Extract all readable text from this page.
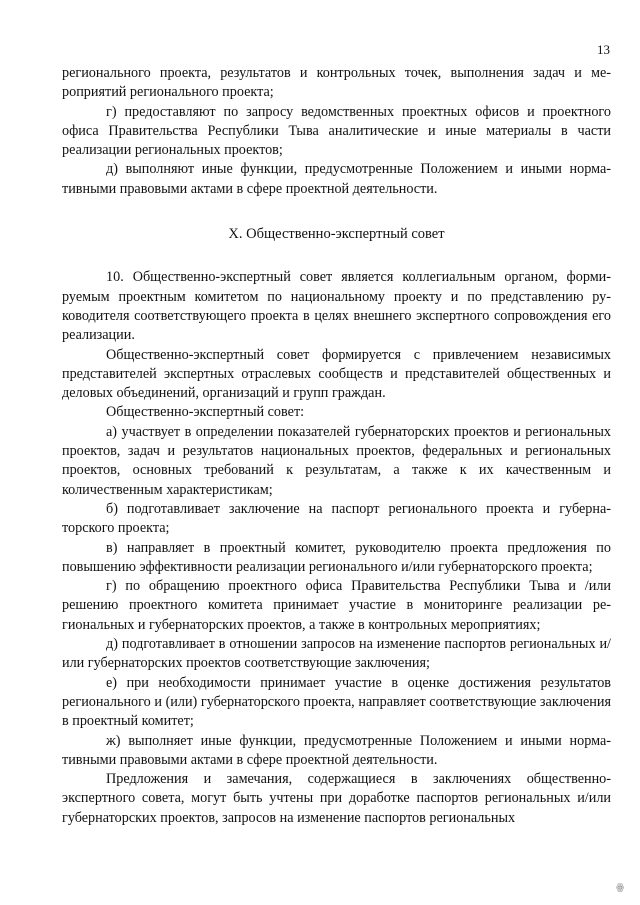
13

регионального проекта, результатов и контрольных точек, выполнения задач и мероприятий регионального проекта;

г) предоставляют по запросу ведомственных проектных офисов и проектного офиса Правительства Республики Тыва аналитические и иные материалы в части реализации региональных проектов;

д) выполняют иные функции, предусмотренные Положением и иными нормативными правовыми актами в сфере проектной деятельности.

X. Общественно-экспертный совет

10. Общественно-экспертный совет является коллегиальным органом, формируемым проектным комитетом по национальному проекту и по представлению руководителя соответствующего проекта в целях внешнего экспертного сопровождения его реализации.

Общественно-экспертный совет формируется с привлечением независимых представителей экспертных отраслевых сообществ и представителей общественных и деловых объединений, организаций и групп граждан.

Общественно-экспертный совет:

а) участвует в определении показателей губернаторских проектов и региональных проектов, задач и результатов национальных проектов, федеральных и региональных проектов, основных требований к результатам, а также к их качественным и количественным характеристикам;

б) подготавливает заключение на паспорт регионального проекта и губернаторского проекта;

в) направляет в проектный комитет, руководителю проекта предложения по повышению эффективности реализации регионального и/или губернаторского проекта;

г) по обращению проектного офиса Правительства Республики Тыва и /или решению проектного комитета принимает участие в мониторинге реализации региональных и губернаторских проектов, а также в контрольных мероприятиях;

д) подготавливает в отношении запросов на изменение паспортов региональных и/или губернаторских проектов соответствующие заключения;

е) при необходимости принимает участие в оценке достижения результатов регионального и (или) губернаторского проекта, направляет соответствующие заключения в проектный комитет;

ж) выполняет иные функции, предусмотренные Положением и иными нормативными правовыми актами в сфере проектной деятельности.

Предложения и замечания, содержащиеся в заключениях общественно-экспертного совета, могут быть учтены при доработке паспортов региональных и/или губернаторских проектов, запросов на изменение паспортов региональных

ꙮ
